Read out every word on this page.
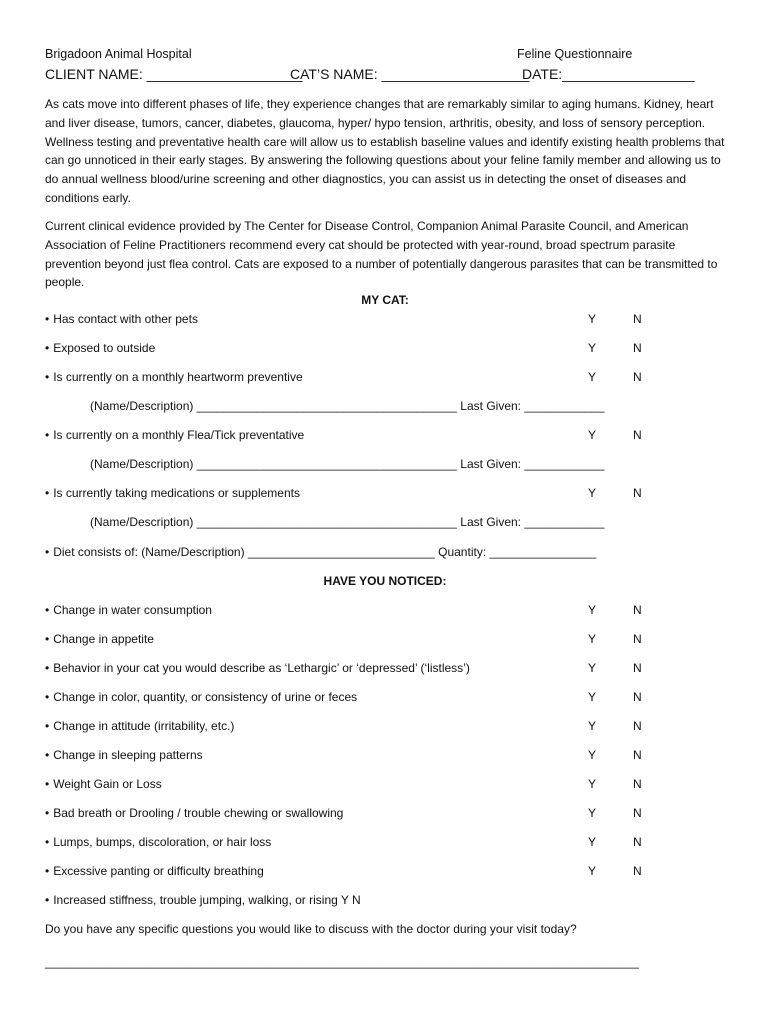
Brigadoon Animal Hospital	Feline Questionnaire
CLIENT NAME: ____________________
CAT’S NAME: ___________________
DATE:_________________

As cats move into different phases of life, they experience changes that are remarkably similar to aging humans. Kidney, heart and liver disease, tumors, cancer, diabetes, glaucoma, hyper/ hypo tension, arthritis, obesity, and loss of sensory perception. Wellness testing and preventative health care will allow us to establish baseline values and identify existing health problems that can go unnoticed in their early stages. By answering the following questions about your feline family member and allowing us to do annual wellness blood/urine screening and other diagnostics, you can assist us in detecting the onset of diseases and conditions early.

Current clinical evidence provided by The Center for Disease Control, Companion Animal Parasite Council, and American Association of Feline Practitioners recommend every cat should be protected with year-round, broad spectrum parasite prevention beyond just flea control. Cats are exposed to a number of potentially dangerous parasites that can be transmitted to people.

MY CAT:
• Has contact with other pets	Y	N
• Exposed to outside	Y	N
• Is currently on a monthly heartworm preventive	Y	N
(Name/Description) _______________________________________ Last Given: ____________
• Is currently on a monthly Flea/Tick preventative	Y	N
(Name/Description) _______________________________________ Last Given: ____________
• Is currently taking medications or supplements	Y	N
(Name/Description) _______________________________________ Last Given: ____________
• Diet consists of: (Name/Description) ____________________________ Quantity: ________________
HAVE YOU NOTICED:
• Change in water consumption	Y	N
• Change in appetite	Y	N
• Behavior in your cat you would describe as ‘Lethargic’ or ‘depressed’ (‘listless’)	Y	N
• Change in color, quantity, or consistency of urine or feces	Y	N
• Change in attitude (irritability, etc.)	Y	N
• Change in sleeping patterns	Y	N
• Weight Gain or Loss	Y	N
• Bad breath or Drooling / trouble chewing or swallowing	Y	N
• Lumps, bumps, discoloration, or hair loss	Y	N
• Excessive panting or difficulty breathing	Y	N
• Increased stiffness, trouble jumping, walking, or rising Y N
Do you have any specific questions you would like to discuss with the doctor during your visit today?
_________________________________________________________________________________________
